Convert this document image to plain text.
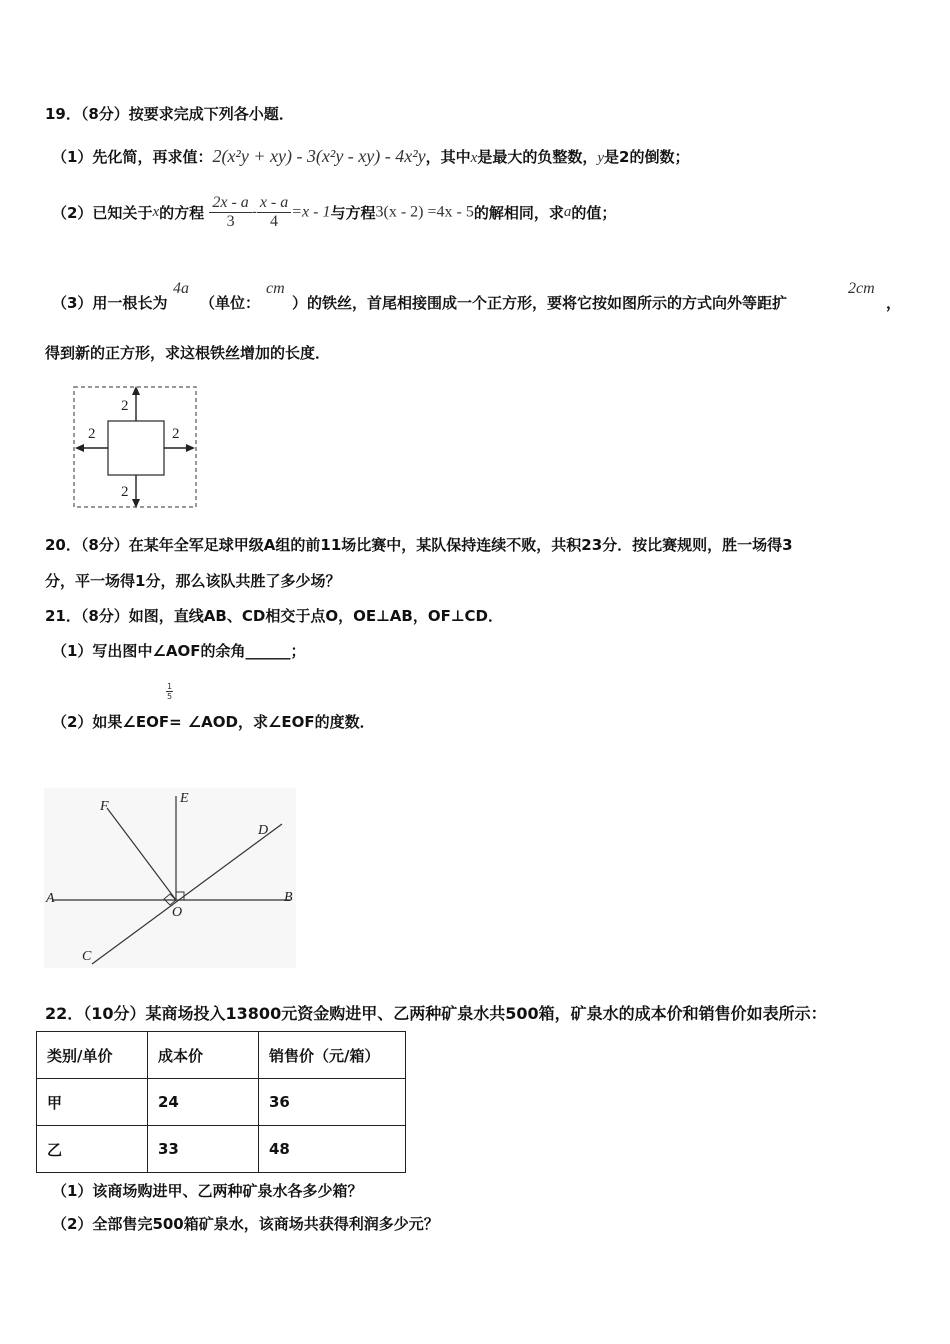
19．（8分）按要求完成下列各小题．
（1）先化简，再求值：2(x²y + xy) - 3(x²y - xy) - 4x²y，其中x是最大的负整数，y是2的倒数；
（2）已知关于x的方程 $\frac{2x - a}{3} - \frac{x - a}{4} =x - 1$与方程3(x - 2) =4x - 5的解相同，求a的值；
（3）用一根长为
4a
（单位：
cm
）的铁丝，首尾相接围成一个正方形，要将它按如图所示的方式向外等距扩
2cm
，
得到新的正方形，求这根铁丝增加的长度．
2
2	2
2
20．（8分）在某年全军足球甲级A组的前11场比赛中，某队保持连续不败，共积23分．按比赛规则，胜一场得3
分，平一场得1分，那么该队共胜了多少场？
21．（8分）如图，直线AB、CD相交于点O，OE⊥AB，OF⊥CD．
（1）写出图中∠AOF的余角______；
$\frac{1}{5}$
（2）如果∠EOF= ∠AOD，求∠EOF的度数．
A	B
C
D
E
F
O
22．（10分）某商场投入13800元资金购进甲、乙两种矿泉水共500箱，矿泉水的成本价和销售价如表所示：
类别/单价	成本价	销售价（元/箱）
甲	24	36
乙	33	48
（1）该商场购进甲、乙两种矿泉水各多少箱？
（2）全部售完500箱矿泉水，该商场共获得利润多少元？
